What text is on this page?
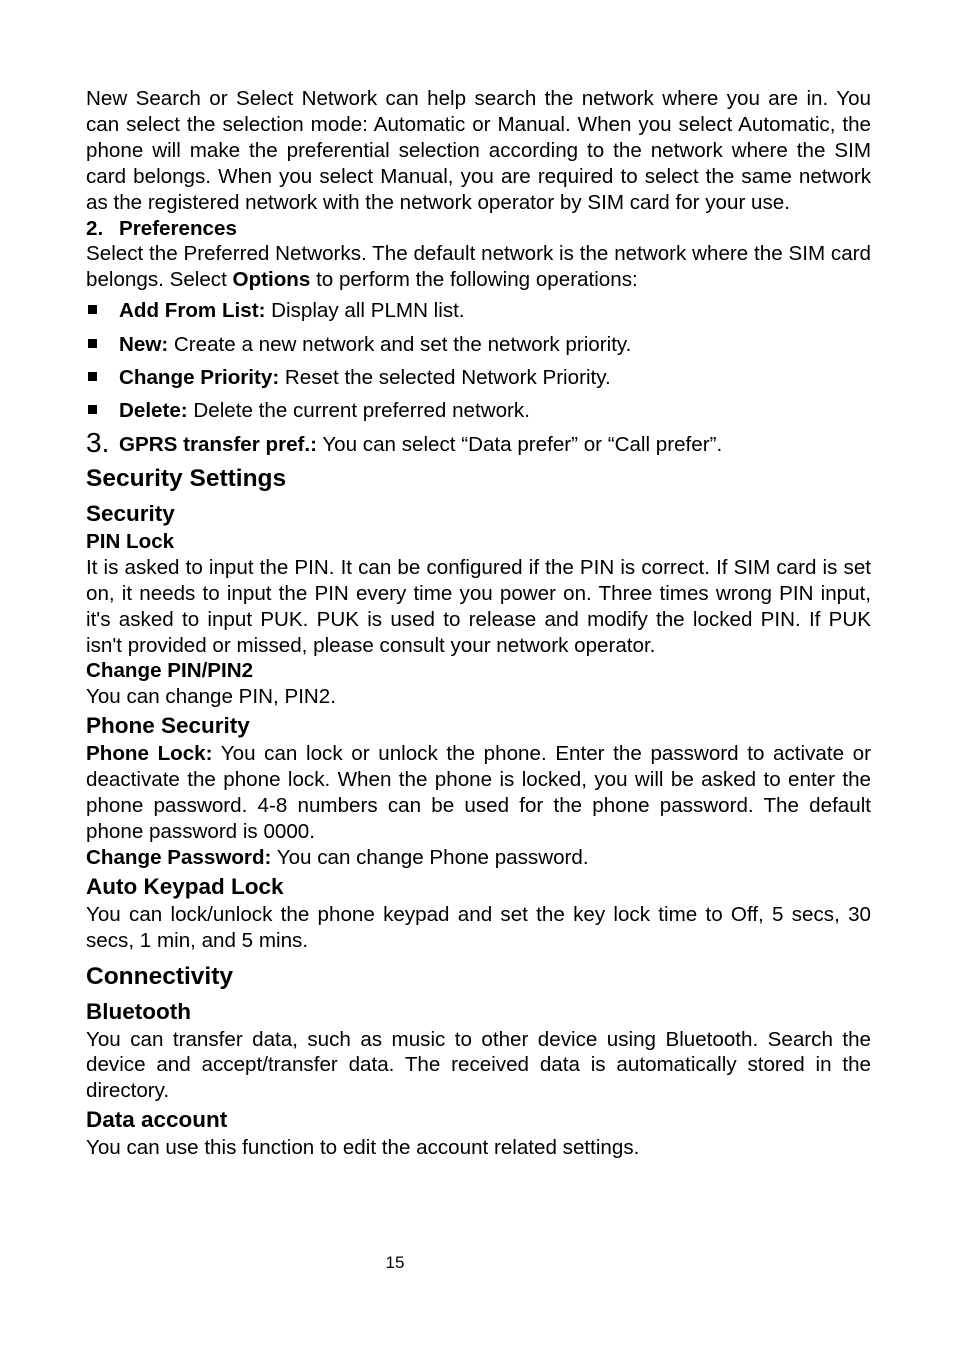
New Search or Select Network can help search the network where you are in. You can select the selection mode: Automatic or Manual. When you select Automatic, the phone will make the preferential selection according to the network where the SIM card belongs. When you select Manual, you are required to select the same network as the registered network with the network operator by SIM card for your use.

2. Preferences

Select the Preferred Networks. The default network is the network where the SIM card belongs. Select Options to perform the following operations:

Add From List: Display all PLMN list.
New: Create a new network and set the network priority.
Change Priority: Reset the selected Network Priority.
Delete: Delete the current preferred network.
3. GPRS transfer pref.: You can select “Data prefer” or “Call prefer”.
Security Settings
Security
PIN Lock

It is asked to input the PIN. It can be configured if the PIN is correct. If SIM card is set on, it needs to input the PIN every time you power on. Three times wrong PIN input, it's asked to input PUK. PUK is used to release and modify the locked PIN. If PUK isn't provided or missed, please consult your network operator.

Change PIN/PIN2

You can change PIN, PIN2.

Phone Security

Phone Lock: You can lock or unlock the phone. Enter the password to activate or deactivate the phone lock. When the phone is locked, you will be asked to enter the phone password. 4-8 numbers can be used for the phone password. The default phone password is 0000.

Change Password: You can change Phone password.

Auto Keypad Lock

You can lock/unlock the phone keypad and set the key lock time to Off, 5 secs, 30 secs, 1 min, and 5 mins.

Connectivity
Bluetooth

You can transfer data, such as music to other device using Bluetooth. Search the device and accept/transfer data. The received data is automatically stored in the directory.

Data account

You can use this function to edit the account related settings.

15
